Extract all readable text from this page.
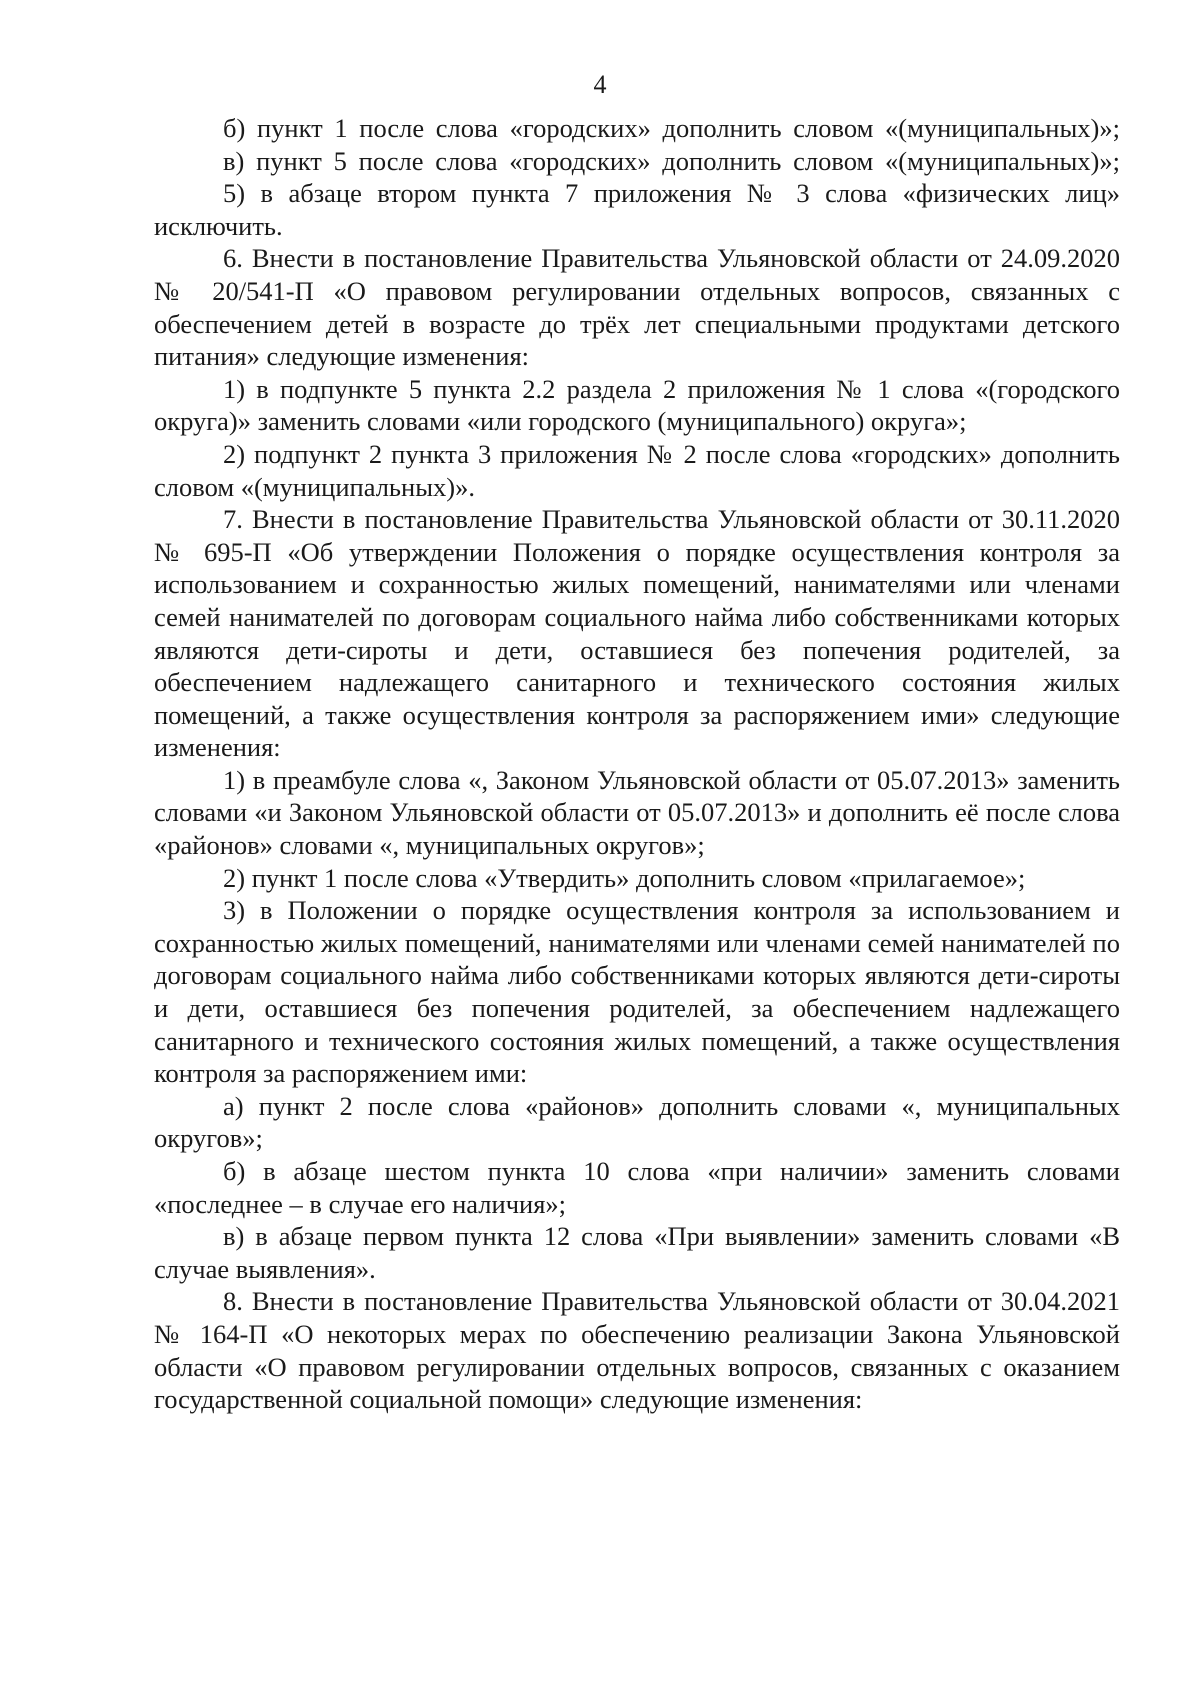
4

б) пункт 1 после слова «городских» дополнить словом «(муниципальных)»;

в) пункт 5 после слова «городских» дополнить словом «(муниципальных)»;

5) в абзаце втором пункта 7 приложения № 3 слова «физических лиц» исключить.

6. Внести в постановление Правительства Ульяновской области от 24.09.2020 № 20/541-П «О правовом регулировании отдельных вопросов, связанных с обеспечением детей в возрасте до трёх лет специальными продуктами детского питания» следующие изменения:

1) в подпункте 5 пункта 2.2 раздела 2 приложения № 1 слова «(городского округа)» заменить словами «или городского (муниципального) округа»;

2) подпункт 2 пункта 3 приложения № 2 после слова «городских» дополнить словом «(муниципальных)».

7. Внести в постановление Правительства Ульяновской области от 30.11.2020 № 695-П «Об утверждении Положения о порядке осуществления контроля за использованием и сохранностью жилых помещений, нанимателями или членами семей нанимателей по договорам социального найма либо собственниками которых являются дети-сироты и дети, оставшиеся без попечения родителей, за обеспечением надлежащего санитарного и технического состояния жилых помещений, а также осуществления контроля за распоряжением ими» следующие изменения:

1) в преамбуле слова «, Законом Ульяновской области от 05.07.2013» заменить словами «и Законом Ульяновской области от 05.07.2013» и дополнить её после слова «районов» словами «, муниципальных округов»;

2) пункт 1 после слова «Утвердить» дополнить словом «прилагаемое»;

3) в Положении о порядке осуществления контроля за использованием и сохранностью жилых помещений, нанимателями или членами семей нанимателей по договорам социального найма либо собственниками которых являются дети-сироты и дети, оставшиеся без попечения родителей, за обеспечением надлежащего санитарного и технического состояния жилых помещений, а также осуществления контроля за распоряжением ими:

а) пункт 2 после слова «районов» дополнить словами «, муниципальных округов»;

б) в абзаце шестом пункта 10 слова «при наличии» заменить словами «последнее – в случае его наличия»;

в) в абзаце первом пункта 12 слова «При выявлении» заменить словами «В случае выявления».

8. Внести в постановление Правительства Ульяновской области от 30.04.2021 № 164-П «О некоторых мерах по обеспечению реализации Закона Ульяновской области «О правовом регулировании отдельных вопросов, связанных с оказанием государственной социальной помощи» следующие изменения:
